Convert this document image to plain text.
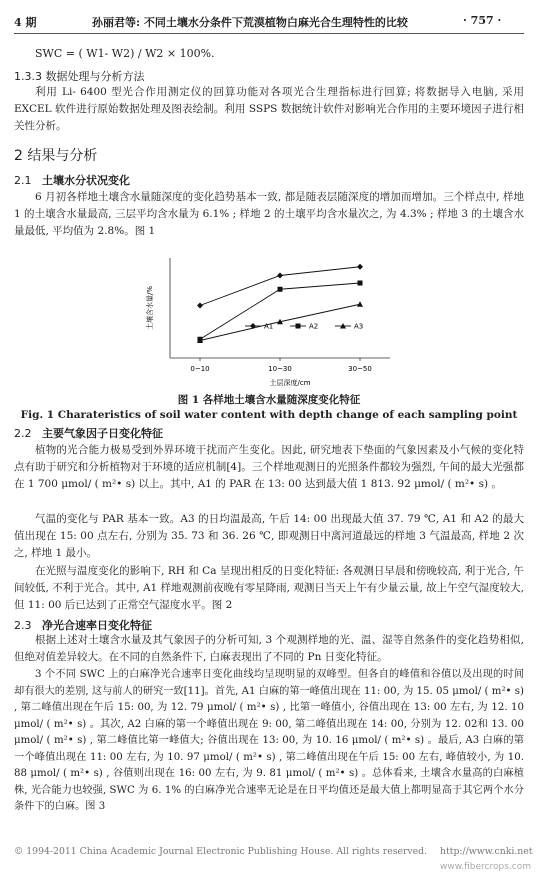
4 期	孙丽君等: 不同土壤水分条件下荒漠植物白麻光合生理特性的比较	· 757 ·
SWC = ( W1- W2) / W2 × 100%.
1.3.3 数据处理与分析方法

利用 Li- 6400 型光合作用测定仪的回算功能对各项光合生理指标进行回算; 将数据导入电脑, 采用 EXCEL 软件进行原始数据处理及图表绘制。利用 SSPS 数据统计软件对影响光合作用的主要环境因子进行相关性分析。

2 结果与分析
2.1 土壤水分状况变化

6 月初各样地土壤含水量随深度的变化趋势基本一致, 都是随表层随深度的增加而增加。三个样点中, 样地 1 的土壤含水量最高, 三层平均含水量为 6.1% ; 样地 2 的土壤平均含水量次之, 为 4.3% ; 样地 3 的土壤含水量最低, 平均值为 2.8%。图 1

土壤含水量/%
0~10	10~30	30~50
A1	A2	A3
土层深度/cm
图 1 各样地土壤含水量随深度变化特征
Fig. 1 Charateristics of soil water content with depth change of each sampling point
2.2 主要气象因子日变化特征

植物的光合能力极易受到外界环境干扰而产生变化。因此, 研究地表下垫面的气象因素及小气候的变化特点有助于研究和分析植物对于环境的适应机制[4]。三个样地观测日的光照条件都较为强烈, 午间的最大光强都在 1 700 μmol/ ( m²• s) 以上。其中, A1 的 PAR 在 13: 00 达到最大值 1 813. 92 μmol/ ( m²• s) 。

气温的变化与 PAR 基本一致。A3 的日均温最高, 午后 14: 00 出现最大值 37. 79 ℃, A1 和 A2 的最大值出现在 15: 00 点左右, 分别为 35. 73 和 36. 26 ℃, 即观测日中离河道最远的样地 3 气温最高, 样地 2 次之, 样地 1 最小。

在光照与温度变化的影响下, RH 和 Ca 呈现出相反的日变化特征: 各观测日早晨和傍晚较高, 利于光合, 午间较低, 不利于光合。其中, A1 样地观测前夜晚有零星降雨, 观测日当天上午有少量云量, 故上午空气湿度较大, 但 11: 00 后已达到了正常空气湿度水平。图 2

2.3 净光合速率日变化特征

根据上述对土壤含水量及其气象因子的分析可知, 3 个观测样地的光、温、湿等自然条件的变化趋势相似, 但绝对值差异较大。在不同的自然条件下, 白麻表现出了不同的 Pn 日变化特征。

3 个不同 SWC 上的白麻净光合速率日变化曲线均呈现明显的双峰型。但各自的峰值和谷值以及出现的时间却有很大的差别, 这与前人的研究一致[11]。首先, A1 白麻的第一峰值出现在 11: 00, 为 15. 05 μmol/ ( m²• s) , 第二峰值出现在午后 15: 00, 为 12. 79 μmol/ ( m²• s) , 比第一峰值小, 谷值出现在 13: 00 左右, 为 12. 10 μmol/ ( m²• s) 。其次, A2 白麻的第一个峰值出现在 9: 00, 第二峰值出现在 14: 00, 分别为 12. 02和 13. 00 μmol/ ( m²• s) , 第二峰值比第一峰值大; 谷值出现在 13: 00, 为 10. 16 μmol/ ( m²• s) 。最后, A3 白麻的第一个峰值出现在 11: 00 左右, 为 10. 97 μmol/ ( m²• s) , 第二峰值出现在午后 15: 00 左右, 峰值较小, 为 10. 88 μmol/ ( m²• s) , 谷值则出现在 16: 00 左右, 为 9. 81 μmol/ ( m²• s) 。总体看来, 土壤含水量高的白麻植株, 光合能力也较强, SWC 为 6. 1% 的白麻净光合速率无论是在日平均值还是最大值上都明显高于其它两个水分条件下的白麻。图 3

© 1994-2011 China Academic Journal Electronic Publishing House. All rights reserved. http://www.cnki.net
www.fibercrops.com
